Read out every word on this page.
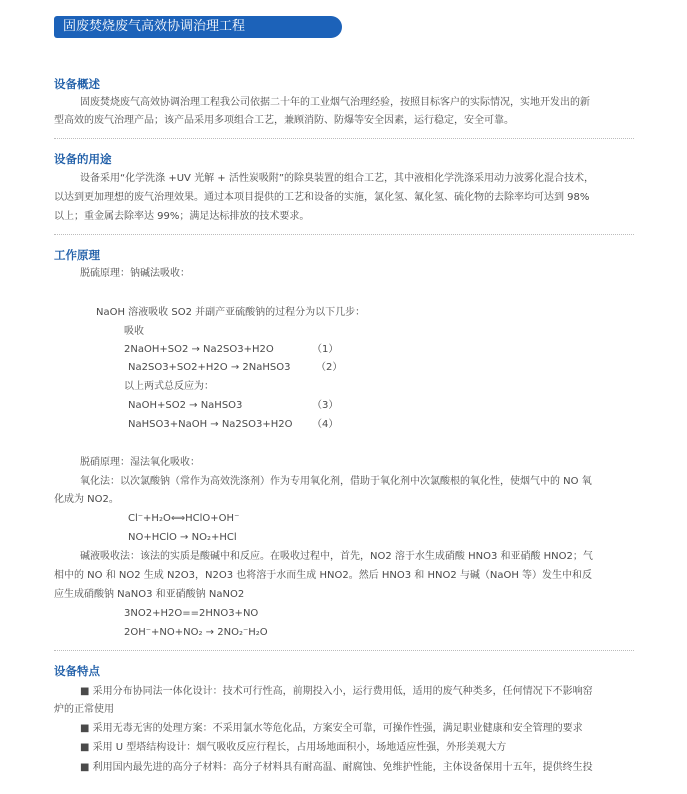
固废焚烧废气高效协调治理工程
设备概述
固废焚烧废气高效协调治理工程我公司依据二十年的工业烟气治理经验，按照目标客户的实际情况，实地开发出的新
型高效的废气治理产品；该产品采用多项组合工艺，兼顾消防、防爆等安全因素，运行稳定，安全可靠。
设备的用途
设备采用“化学洗涤 +UV 光解 + 活性炭吸附”的除臭装置的组合工艺，其中液相化学洗涤采用动力波雾化混合技术，
以达到更加理想的废气治理效果。通过本项目提供的工艺和设备的实施，氯化氢、氟化氢、硫化物的去除率均可达到 98%
以上；重金属去除率达 99%；满足达标排放的技术要求。
工作原理
脱硫原理：钠碱法吸收：
NaOH 溶液吸收 SO2 并副产亚硫酸钠的过程分为以下几步：
吸收
2NaOH+SO2 → Na2SO3+H2O	（1）
Na2SO3+SO2+H2O → 2NaHSO3	（2）
以上两式总反应为：
NaOH+SO2 → NaHSO3	（3）
NaHSO3+NaOH → Na2SO3+H2O （4）
脱硝原理：湿法氧化吸收：
氧化法：以次氯酸钠（常作为高效洗涤剂）作为专用氧化剂，借助于氧化剂中次氯酸根的氧化性，使烟气中的 NO 氧
化成为 NO2。
Cl⁻+H₂O⟺HClO+OH⁻
NO+HClO → NO₂+HCl
碱液吸收法：该法的实质是酸碱中和反应。在吸收过程中，首先，NO2 溶于水生成硝酸 HNO3 和亚硝酸 HNO2；气
相中的 NO 和 NO2 生成 N2O3，N2O3 也将溶于水而生成 HNO2。然后 HNO3 和 HNO2 与碱（NaOH 等）发生中和反
应生成硝酸钠 NaNO3 和亚硝酸钠 NaNO2
3NO2+H2O==2HNO3+NO
2OH⁻+NO+NO₂ → 2NO₂⁻H₂O
设备特点
■ 采用分布协同法一体化设计：技术可行性高，前期投入小，运行费用低，适用的废气种类多，任何情况下不影响窑
炉的正常使用
■ 采用无毒无害的处理方案：不采用氯水等危化品，方案安全可靠，可操作性强，满足职业健康和安全管理的要求
■ 采用 U 型塔结构设计：烟气吸收反应行程长，占用场地面积小，场地适应性强，外形美观大方
■ 利用国内最先进的高分子材料：高分子材料具有耐高温、耐腐蚀、免维护性能，主体设备保用十五年，提供终生投
